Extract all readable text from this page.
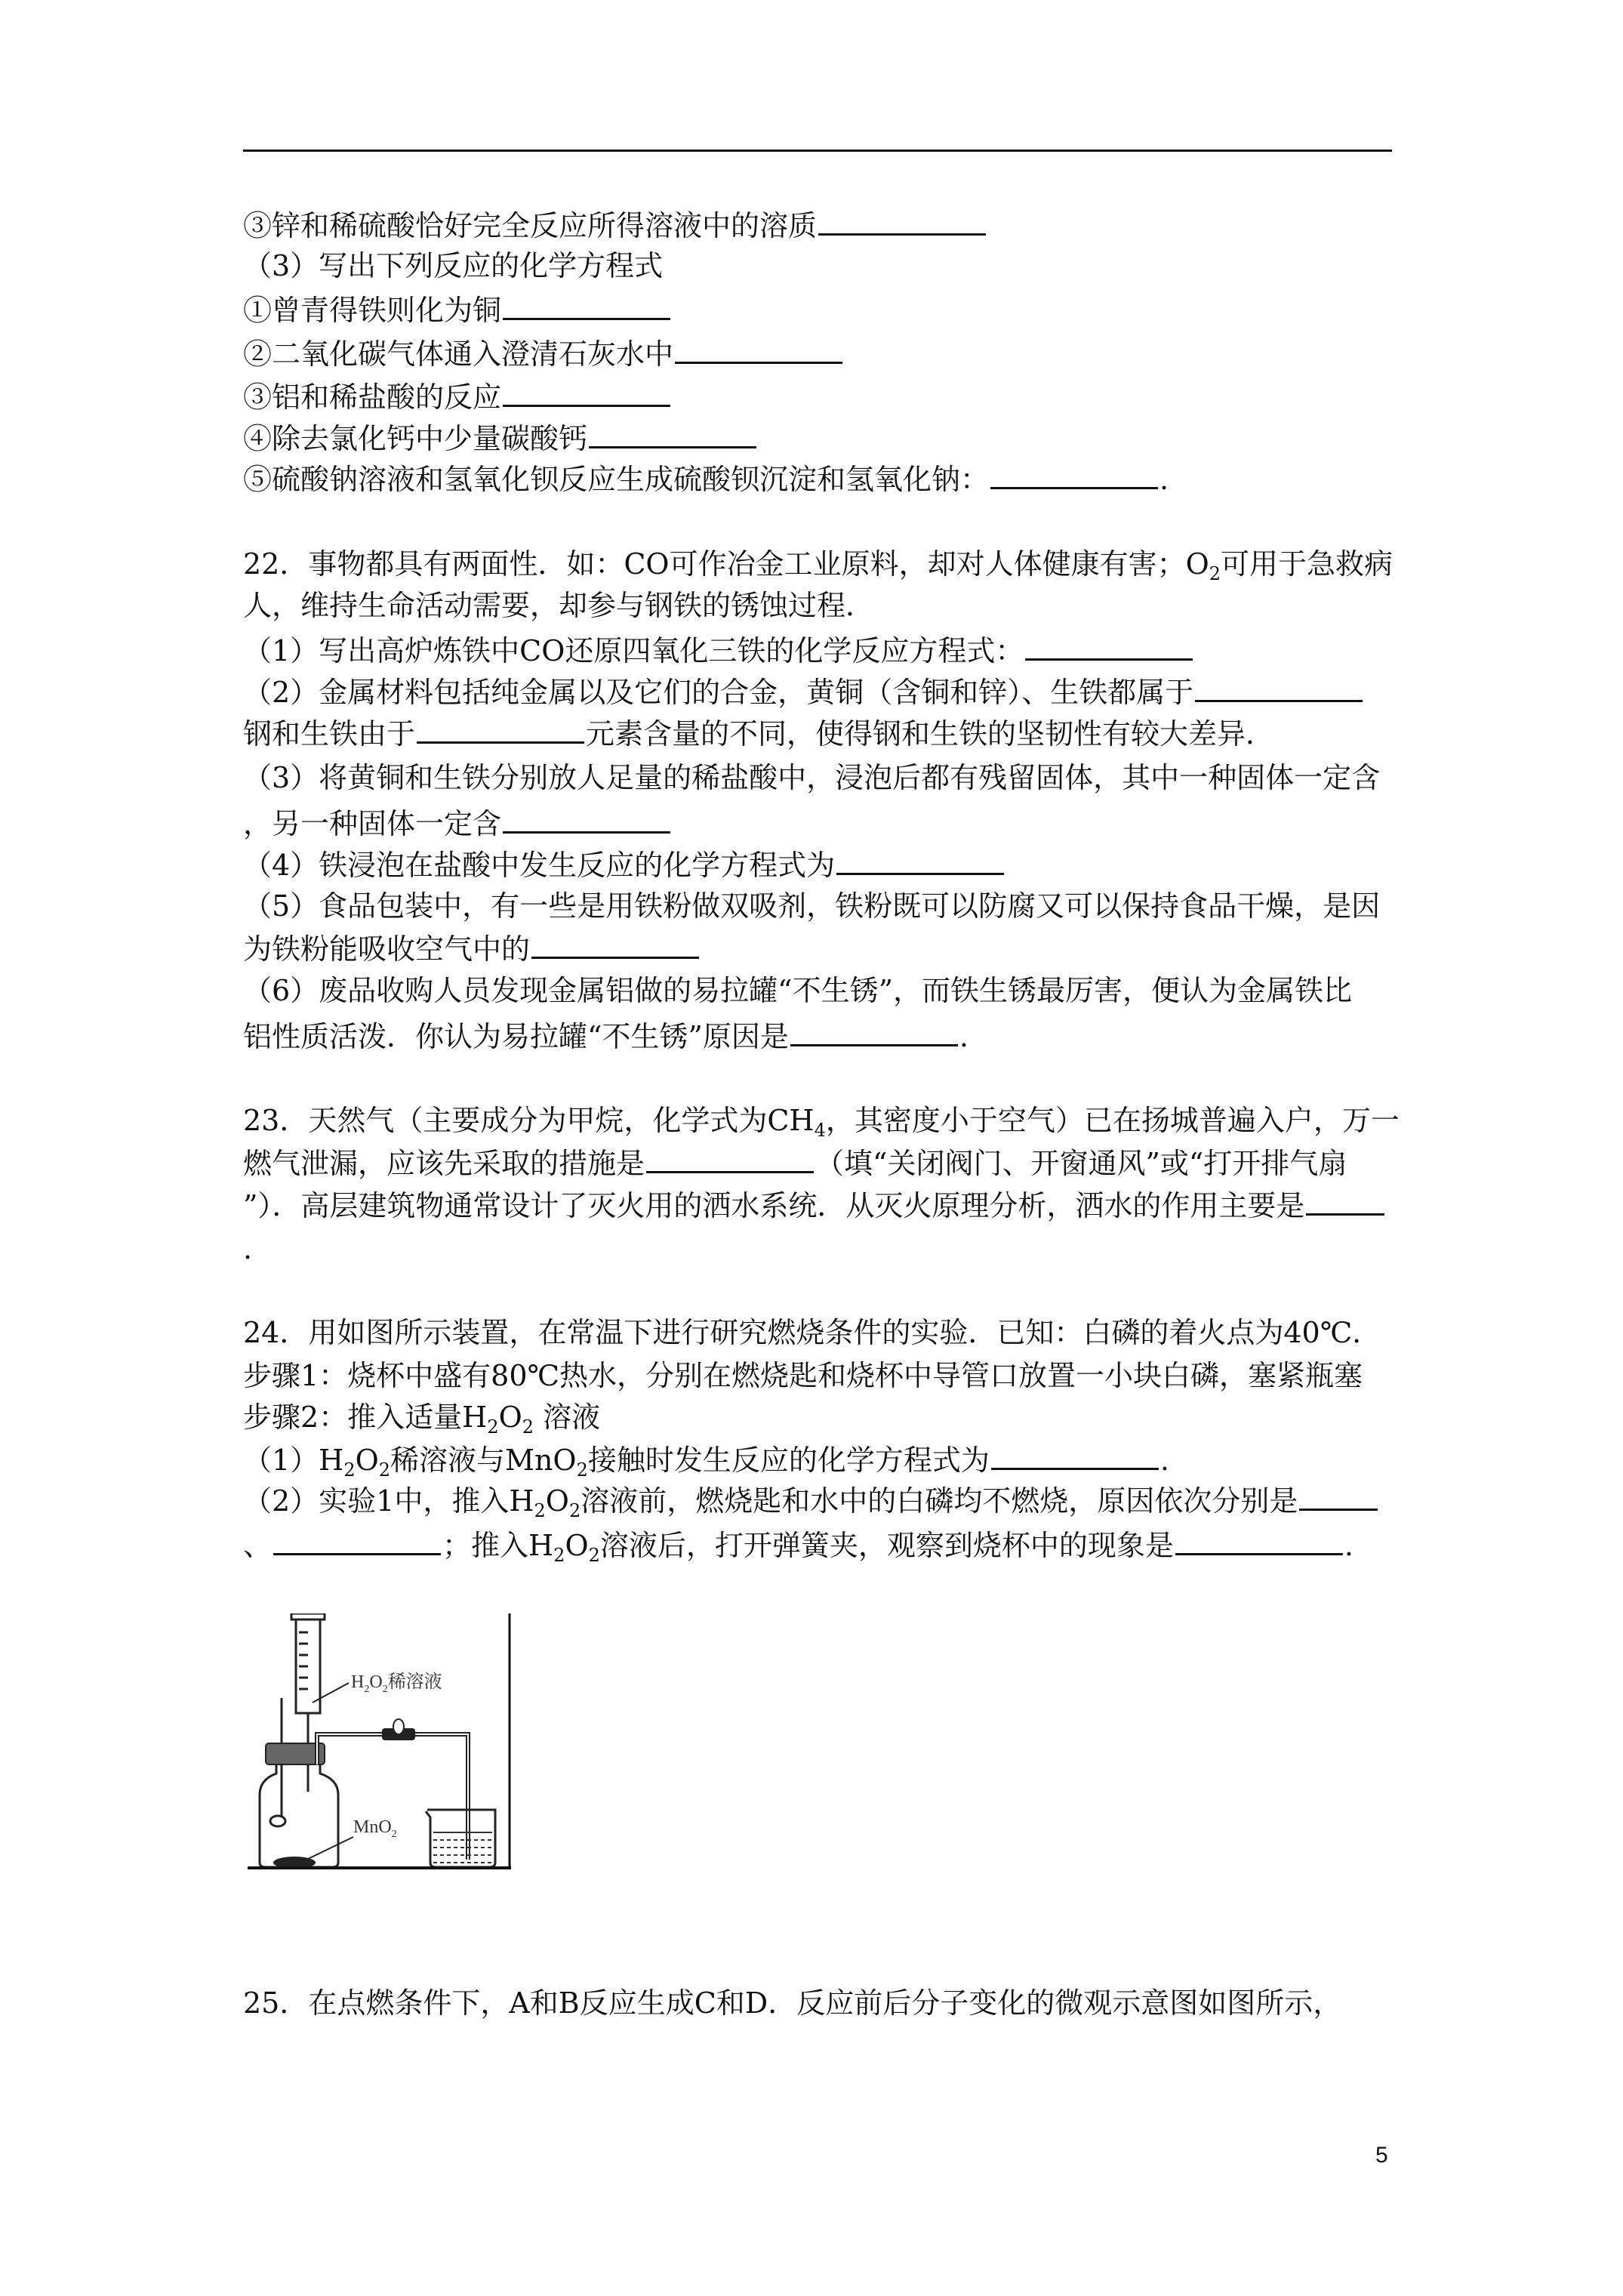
③锌和稀硫酸恰好完全反应所得溶液中的溶质
（3）写出下列反应的化学方程式
①曾青得铁则化为铜
②二氧化碳气体通入澄清石灰水中
③铝和稀盐酸的反应
④除去氯化钙中少量碳酸钙
⑤硫酸钠溶液和氢氧化钡反应生成硫酸钡沉淀和氢氧化钠：	.
22．事物都具有两面性．如：CO可作冶金工业原料，却对人体健康有害；$O_2$可用于急救病
人，维持生命活动需要，却参与钢铁的锈蚀过程．
（1）写出高炉炼铁中CO还原四氧化三铁的化学反应方程式：
（2）金属材料包括纯金属以及它们的合金，黄铜（含铜和锌）、生铁都属于
钢和生铁由于	元素含量的不同，使得钢和生铁的坚韧性有较大差异．
（3）将黄铜和生铁分别放人足量的稀盐酸中，浸泡后都有残留固体，其中一种固体一定含
，另一种固体一定含
（4）铁浸泡在盐酸中发生反应的化学方程式为
（5）食品包装中，有一些是用铁粉做双吸剂，铁粉既可以防腐又可以保持食品干燥，是因
为铁粉能吸收空气中的
（6）废品收购人员发现金属铝做的易拉罐“不生锈”，而铁生锈最厉害，便认为金属铁比
铝性质活泼．你认为易拉罐“不生锈”原因是	.
23．天然气（主要成分为甲烷，化学式为$CH_4$，其密度小于空气）已在扬城普遍入户，万一
燃气泄漏，应该先采取的措施是	（填“关闭阀门、开窗通风”或“打开排气扇
”）．高层建筑物通常设计了灭火用的洒水系统．从灭火原理分析，洒水的作用主要是
.
24．用如图所示装置，在常温下进行研究燃烧条件的实验．已知：白磷的着火点为40℃．
步骤1：烧杯中盛有80℃热水，分别在燃烧匙和烧杯中导管口放置一小块白磷，塞紧瓶塞
步骤2：推入适量$H_2O_2$ 溶液
$(1)H_2O_2$稀溶液与MnO$_2$接触时发生反应的化学方程式为	.
（2）实验1中，推入$H_2O_2$溶液前，燃烧匙和水中的白磷均不燃烧，原因依次分别是
、	；推入$H_2O_2$溶液后，打开弹簧夹，观察到烧杯中的现象是	.
25．在点燃条件下，A和B反应生成C和D．反应前后分子变化的微观示意图如图所示，
$H_2O_2$稀溶液
MnO$_2$
5
